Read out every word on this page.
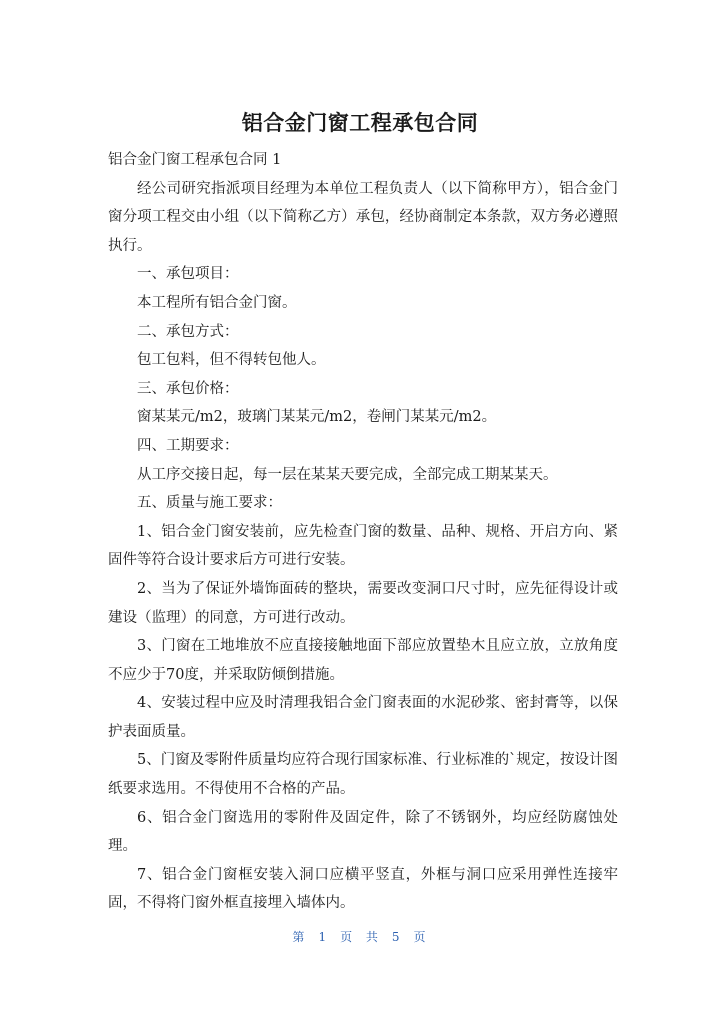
铝合金门窗工程承包合同

铝合金门窗工程承包合同 1

经公司研究指派项目经理为本单位工程负责人（以下简称甲方），铝合金门窗分项工程交由小组（以下简称乙方）承包，经协商制定本条款，双方务必遵照执行。

一、承包项目：

本工程所有铝合金门窗。

二、承包方式：

包工包料，但不得转包他人。

三、承包价格：

窗某某元/m2，玻璃门某某元/m2，卷闸门某某元/m2。

四、工期要求：

从工序交接日起，每一层在某某天要完成，全部完成工期某某天。

五、质量与施工要求：

1、铝合金门窗安装前，应先检查门窗的数量、品种、规格、开启方向、紧固件等符合设计要求后方可进行安装。

2、当为了保证外墙饰面砖的整块，需要改变洞口尺寸时，应先征得设计或建设（监理）的同意，方可进行改动。

3、门窗在工地堆放不应直接接触地面下部应放置垫木且应立放，立放角度不应少于70度，并采取防倾倒措施。

4、安装过程中应及时清理我铝合金门窗表面的水泥砂浆、密封膏等，以保护表面质量。

5、门窗及零附件质量均应符合现行国家标准、行业标准的`规定，按设计图纸要求选用。不得使用不合格的产品。

6、铝合金门窗选用的零附件及固定件，除了不锈钢外，均应经防腐蚀处理。

7、铝合金门窗框安装入洞口应横平竖直，外框与洞口应采用弹性连接牢固，不得将门窗外框直接埋入墙体内。

第 1 页 共 5 页
